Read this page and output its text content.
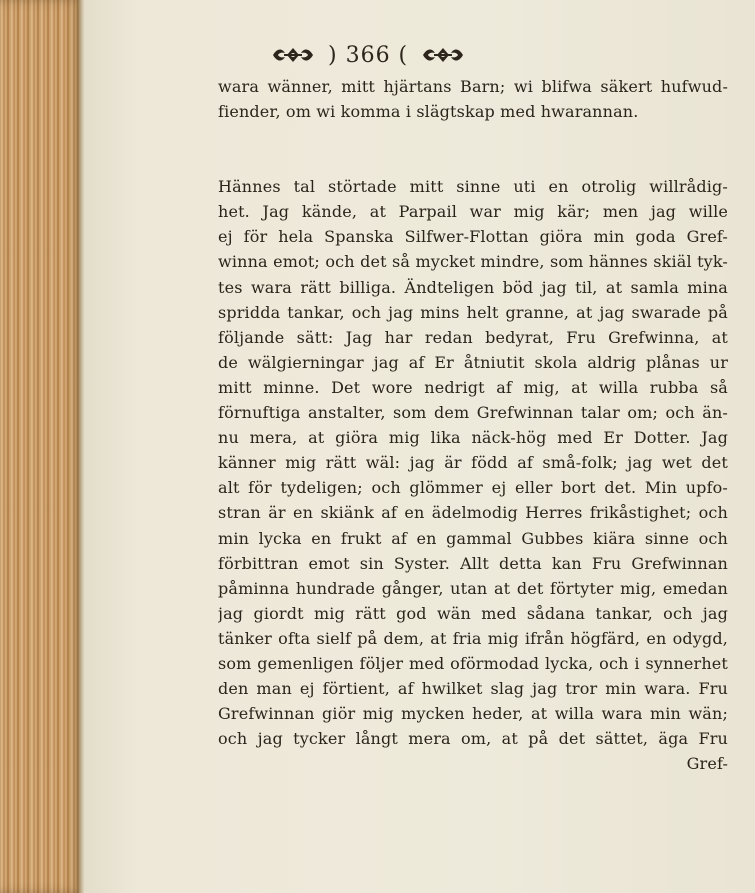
) 366 (
wara wänner, mitt hjärtans Barn; wi blifwa säkert hufwud-
fiender, om wi komma i slägtskap med hwarannan.
Hännes tal störtade mitt sinne uti en otrolig willrådig-
het. Jag kände, at Parpail war mig kär; men jag wille
ej för hela Spanska Silfwer-Flottan giöra min goda Gref-
winna emot; och det så mycket mindre, som hännes skiäl tyk-
tes wara rätt billiga. Ändteligen böd jag til, at samla mina
spridda tankar, och jag mins helt granne, at jag swarade på
följande sätt: Jag har redan bedyrat, Fru Grefwinna, at
de wälgierningar jag af Er åtniutit skola aldrig plånas ur
mitt minne. Det wore nedrigt af mig, at willa rubba så
förnuftiga anstalter, som dem Grefwinnan talar om; och än-
nu mera, at giöra mig lika näck-hög med Er Dotter. Jag
känner mig rätt wäl: jag är född af små-folk; jag wet det
alt för tydeligen; och glömmer ej eller bort det. Min upfo-
stran är en skiänk af en ädelmodig Herres frikåstighet; och
min lycka en frukt af en gammal Gubbes kiära sinne och
förbittran emot sin Syster. Allt detta kan Fru Grefwinnan
påminna hundrade gånger, utan at det förtyter mig, emedan
jag giordt mig rätt god wän med sådana tankar, och jag
tänker ofta sielf på dem, at fria mig ifrån högfärd, en odygd,
som gemenligen följer med oförmodad lycka, och i synnerhet
den man ej förtient, af hwilket slag jag tror min wara. Fru
Grefwinnan giör mig mycken heder, at willa wara min wän;
och jag tycker långt mera om, at på det sättet, äga Fru
Gref-
